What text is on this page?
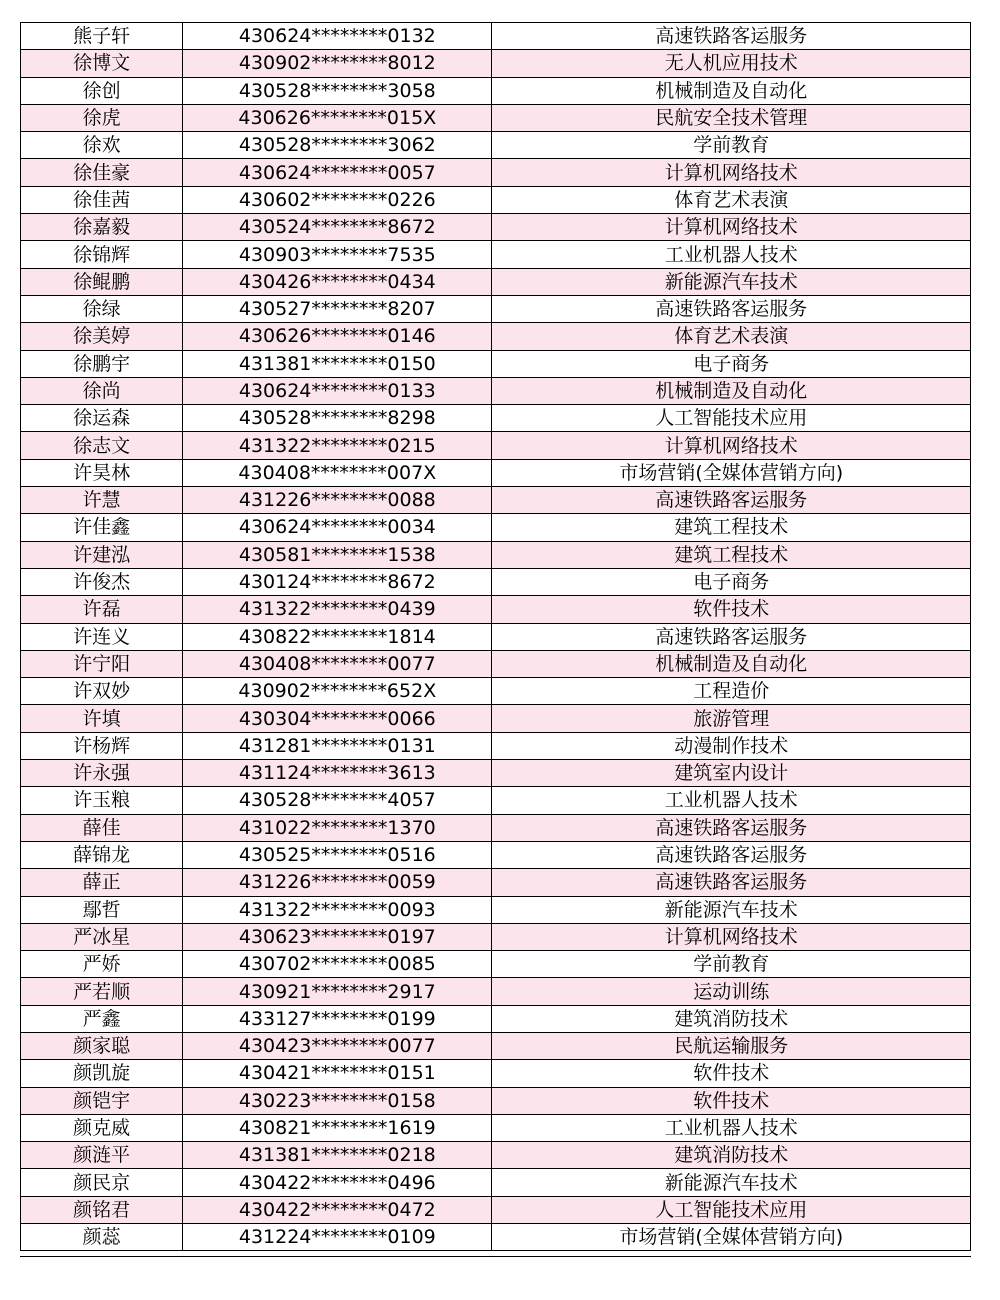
熊子轩	430624********0132	高速铁路客运服务
徐博文	430902********8012	无人机应用技术
徐创	430528********3058	机械制造及自动化
徐虎	430626********015X	民航安全技术管理
徐欢	430528********3062	学前教育
徐佳豪	430624********0057	计算机网络技术
徐佳茜	430602********0226	体育艺术表演
徐嘉毅	430524********8672	计算机网络技术
徐锦辉	430903********7535	工业机器人技术
徐鲲鹏	430426********0434	新能源汽车技术
徐绿	430527********8207	高速铁路客运服务
徐美婷	430626********0146	体育艺术表演
徐鹏宇	431381********0150	电子商务
徐尚	430624********0133	机械制造及自动化
徐运森	430528********8298	人工智能技术应用
徐志文	431322********0215	计算机网络技术
许昊林	430408********007X	市场营销(全媒体营销方向)
许慧	431226********0088	高速铁路客运服务
许佳鑫	430624********0034	建筑工程技术
许建泓	430581********1538	建筑工程技术
许俊杰	430124********8672	电子商务
许磊	431322********0439	软件技术
许连义	430822********1814	高速铁路客运服务
许宁阳	430408********0077	机械制造及自动化
许双妙	430902********652X	工程造价
许填	430304********0066	旅游管理
许杨辉	431281********0131	动漫制作技术
许永强	431124********3613	建筑室内设计
许玉粮	430528********4057	工业机器人技术
薛佳	431022********1370	高速铁路客运服务
薛锦龙	430525********0516	高速铁路客运服务
薛正	431226********0059	高速铁路客运服务
鄢哲	431322********0093	新能源汽车技术
严冰星	430623********0197	计算机网络技术
严娇	430702********0085	学前教育
严若顺	430921********2917	运动训练
严鑫	433127********0199	建筑消防技术
颜家聪	430423********0077	民航运输服务
颜凯旋	430421********0151	软件技术
颜铠宇	430223********0158	软件技术
颜克威	430821********1619	工业机器人技术
颜涟平	431381********0218	建筑消防技术
颜民京	430422********0496	新能源汽车技术
颜铭君	430422********0472	人工智能技术应用
颜蕊	431224********0109	市场营销(全媒体营销方向)
